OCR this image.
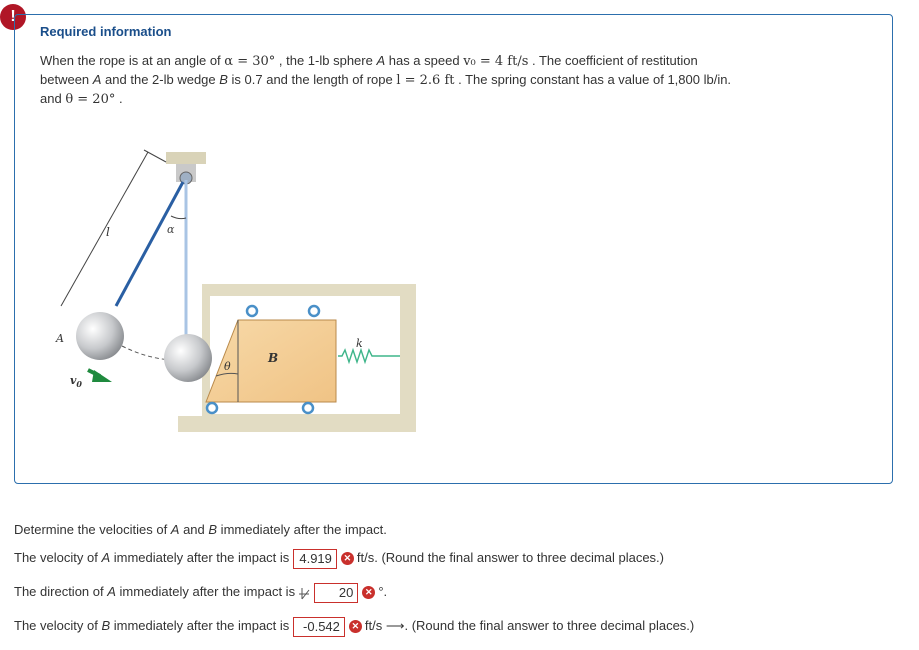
!
Required information
When the rope is at an angle of α = 30° , the 1-lb sphere A has a speed v₀ = 4 ft/s . The coefficient of restitution
between A and the 2-lb wedge B is 0.7 and the length of rope l = 2.6 ft . The spring constant has a value of 1,800 lb/in.
and θ = 20° .
l	α
k
θ
B
A
$v_0$
Determine the velocities of A and B immediately after the impact.
The velocity of A immediately after the impact is 4.919 ✕ ft/s. (Round the final answer to three decimal places.)
The direction of A immediately after the impact is	20 ✕ °.
The velocity of B immediately after the impact is -0.542 ✕ ft/s ⟶. (Round the final answer to three decimal places.)
